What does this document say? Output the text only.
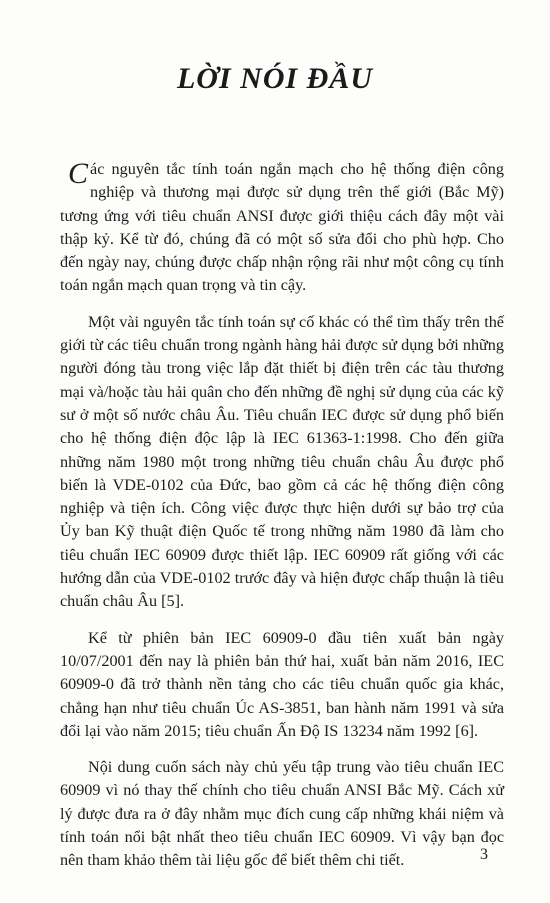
LỜI NÓI ĐẦU

Các nguyên tắc tính toán ngắn mạch cho hệ thống điện công nghiệp và thương mại được sử dụng trên thế giới (Bắc Mỹ) tương ứng với tiêu chuẩn ANSI được giới thiệu cách đây một vài thập kỷ. Kể từ đó, chúng đã có một số sửa đổi cho phù hợp. Cho đến ngày nay, chúng được chấp nhận rộng rãi như một công cụ tính toán ngắn mạch quan trọng và tin cậy.

Một vài nguyên tắc tính toán sự cố khác có thể tìm thấy trên thế giới từ các tiêu chuẩn trong ngành hàng hải được sử dụng bởi những người đóng tàu trong việc lắp đặt thiết bị điện trên các tàu thương mại và/hoặc tàu hải quân cho đến những đề nghị sử dụng của các kỹ sư ở một số nước châu Âu. Tiêu chuẩn IEC được sử dụng phổ biến cho hệ thống điện độc lập là IEC 61363-1:1998. Cho đến giữa những năm 1980 một trong những tiêu chuẩn châu Âu được phổ biến là VDE-0102 của Đức, bao gồm cả các hệ thống điện công nghiệp và tiện ích. Công việc được thực hiện dưới sự bảo trợ của Ủy ban Kỹ thuật điện Quốc tế trong những năm 1980 đã làm cho tiêu chuẩn IEC 60909 được thiết lập. IEC 60909 rất giống với các hướng dẫn của VDE-0102 trước đây và hiện được chấp thuận là tiêu chuẩn châu Âu [5].

Kể từ phiên bản IEC 60909-0 đầu tiên xuất bản ngày 10/07/2001 đến nay là phiên bản thứ hai, xuất bản năm 2016, IEC 60909-0 đã trở thành nền tảng cho các tiêu chuẩn quốc gia khác, chẳng hạn như tiêu chuẩn Úc AS-3851, ban hành năm 1991 và sửa đổi lại vào năm 2015; tiêu chuẩn Ấn Độ IS 13234 năm 1992 [6].

Nội dung cuốn sách này chủ yếu tập trung vào tiêu chuẩn IEC 60909 vì nó thay thế chính cho tiêu chuẩn ANSI Bắc Mỹ. Cách xử lý được đưa ra ở đây nhằm mục đích cung cấp những khái niệm và tính toán nổi bật nhất theo tiêu chuẩn IEC 60909. Vì vậy bạn đọc nên tham khảo thêm tài liệu gốc để biết thêm chi tiết.	3
